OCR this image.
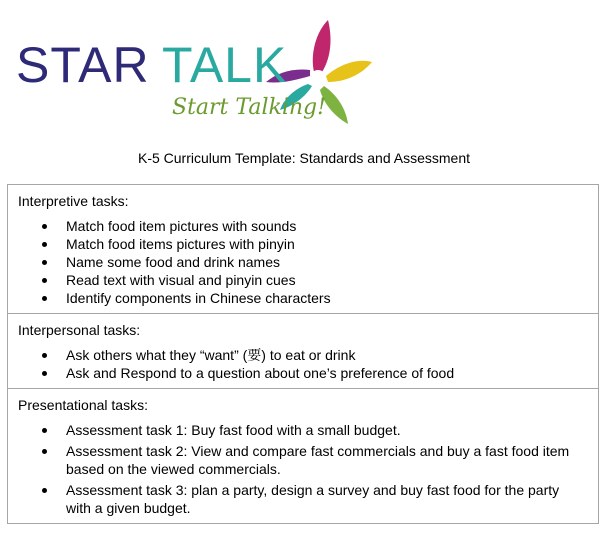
STAR TALK
Start Talking!
K-5 Curriculum Template: Standards and Assessment
Interpretive tasks:
Match food item pictures with sounds
Match food items pictures with pinyin
Name some food and drink names
Read text with visual and pinyin cues
Identify components in Chinese characters
Interpersonal tasks:
Ask others what they “want” (要) to eat or drink
Ask and Respond to a question about one’s preference of food
Presentational tasks:
Assessment task 1: Buy fast food with a small budget.
Assessment task 2: View and compare fast commercials and buy a fast food item based on the viewed commercials.
Assessment task 3: plan a party, design a survey and buy fast food for the party with a given budget.
